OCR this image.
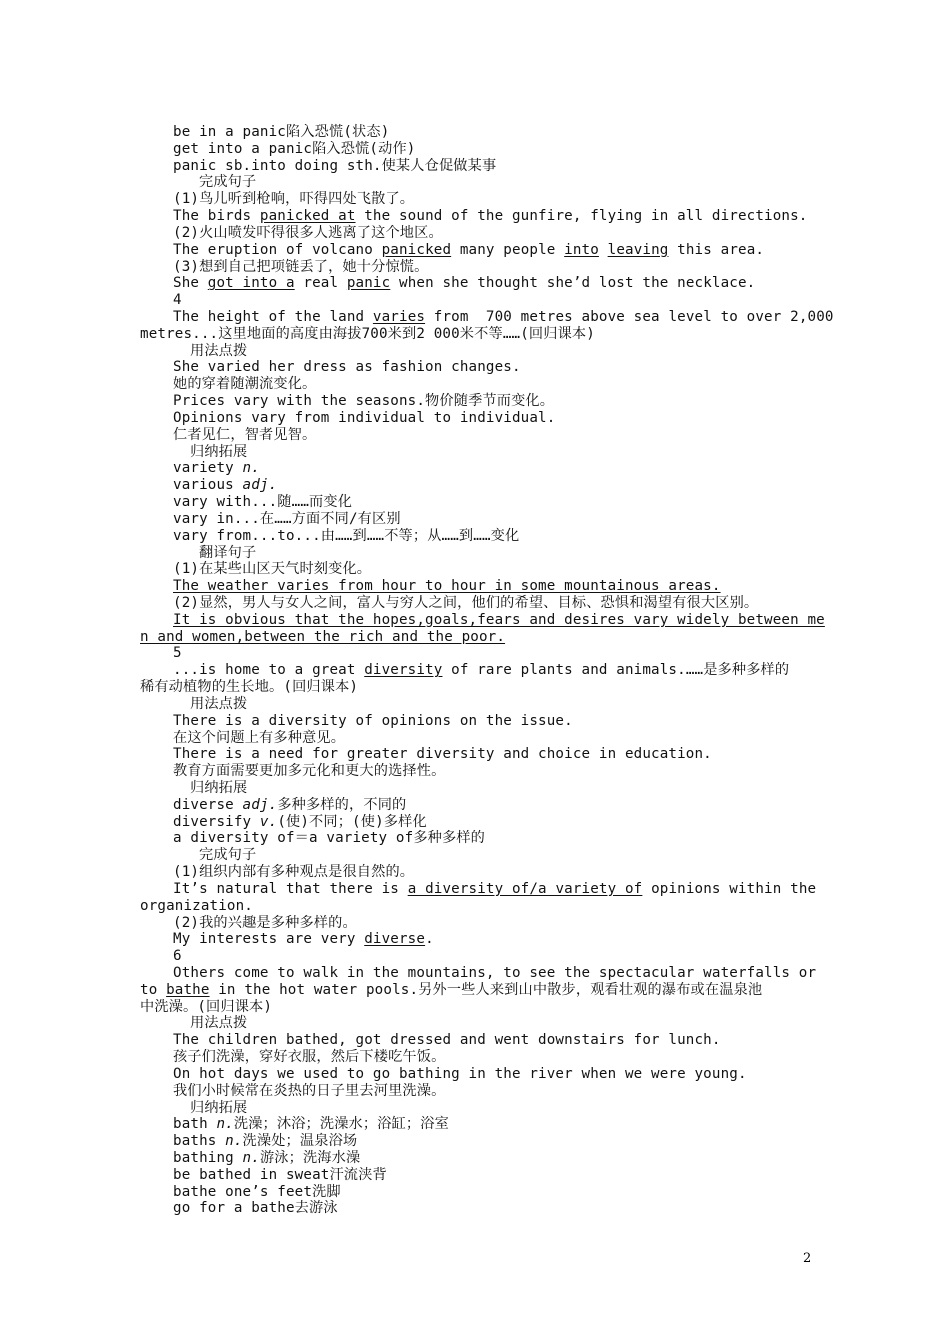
be in a panic陷入恐慌(状态)
get into a panic陷入恐慌(动作)
panic sb.into doing sth.使某人仓促做某事
完成句子
(1)鸟儿听到枪响，吓得四处飞散了。
The birds panicked at the sound of the gunfire, flying in all directions.
(2)火山喷发吓得很多人逃离了这个地区。
The eruption of volcano panicked many people into leaving this area.
(3)想到自己把项链丢了，她十分惊慌。
She got into a real panic when she thought she’d lost the necklace.
4
The height of the land varies from  700 metres above sea level to over 2,000
metres...这里地面的高度由海拔700米到2 000米不等……(回归课本)
用法点拨
She varied her dress as fashion changes.
她的穿着随潮流变化。
Prices vary with the seasons.物价随季节而变化。
Opinions vary from individual to individual.
仁者见仁，智者见智。
归纳拓展
variety n.
various adj.
vary with...随……而变化
vary in...在……方面不同/有区别
vary from...to...由……到……不等；从……到……变化
翻译句子
(1)在某些山区天气时刻变化。
The weather varies from hour to hour in some mountainous areas.
(2)显然，男人与女人之间，富人与穷人之间，他们的希望、目标、恐惧和渴望有很大区别。
It is obvious that the hopes,goals,fears and desires vary widely between me
n and women,between the rich and the poor.
5
...is home to a great diversity of rare plants and animals.……是多种多样的
稀有动植物的生长地。(回归课本)
用法点拨
There is a diversity of opinions on the issue.
在这个问题上有多种意见。
There is a need for greater diversity and choice in education.
教育方面需要更加多元化和更大的选择性。
归纳拓展
diverse adj.多种多样的，不同的
diversify v.(使)不同；(使)多样化
a diversity of＝a variety of多种多样的
完成句子
(1)组织内部有多种观点是很自然的。
It’s natural that there is a diversity of/a variety of opinions within the
organization.
(2)我的兴趣是多种多样的。
My interests are very diverse.
6
Others come to walk in the mountains, to see the spectacular waterfalls or
to bathe in the hot water pools.另外一些人来到山中散步，观看壮观的瀑布或在温泉池
中洗澡。(回归课本)
用法点拨
The children bathed, got dressed and went downstairs for lunch.
孩子们洗澡，穿好衣服，然后下楼吃午饭。
On hot days we used to go bathing in the river when we were young.
我们小时候常在炎热的日子里去河里洗澡。
归纳拓展
bath n.洗澡；沐浴；洗澡水；浴缸；浴室
baths n.洗澡处；温泉浴场
bathing n.游泳；洗海水澡
be bathed in sweat汗流浃背
bathe one’s feet洗脚
go for a bathe去游泳
2
